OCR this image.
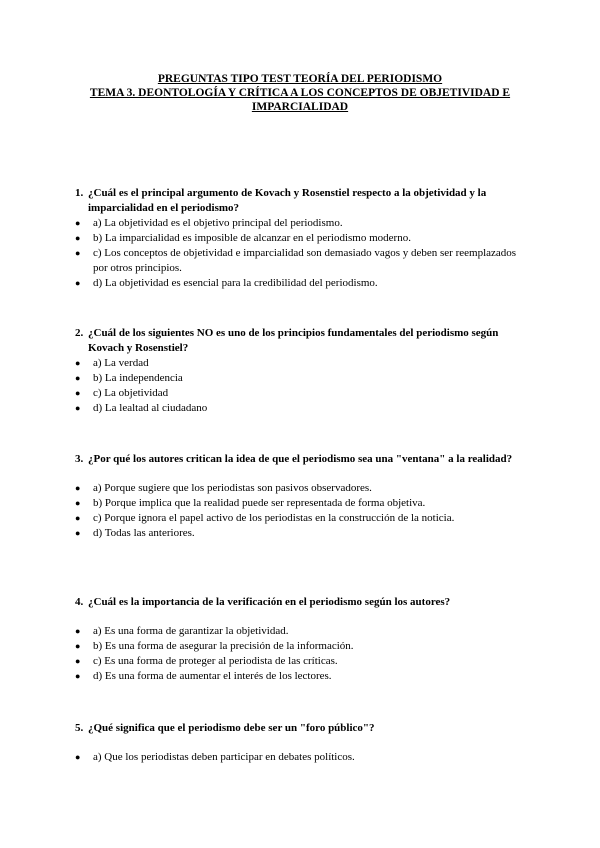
PREGUNTAS TIPO TEST TEORÍA DEL PERIODISMO
TEMA 3. DEONTOLOGÍA Y CRÍTICA A LOS CONCEPTOS DE OBJETIVIDAD E
IMPARCIALIDAD
1. ¿Cuál es el principal argumento de Kovach y Rosenstiel respecto a la objetividad y la imparcialidad en el periodismo?
● a) La objetividad es el objetivo principal del periodismo.
● b) La imparcialidad es imposible de alcanzar en el periodismo moderno.
● c) Los conceptos de objetividad e imparcialidad son demasiado vagos y deben ser reemplazados por otros principios.
● d) La objetividad es esencial para la credibilidad del periodismo.
2. ¿Cuál de los siguientes NO es uno de los principios fundamentales del periodismo según Kovach y Rosenstiel?
● a) La verdad
● b) La independencia
● c) La objetividad
● d) La lealtad al ciudadano
3. ¿Por qué los autores critican la idea de que el periodismo sea una "ventana" a la realidad?
● a) Porque sugiere que los periodistas son pasivos observadores.
● b) Porque implica que la realidad puede ser representada de forma objetiva.
● c) Porque ignora el papel activo de los periodistas en la construcción de la noticia.
● d) Todas las anteriores.
4. ¿Cuál es la importancia de la verificación en el periodismo según los autores?
● a) Es una forma de garantizar la objetividad.
● b) Es una forma de asegurar la precisión de la información.
● c) Es una forma de proteger al periodista de las críticas.
● d) Es una forma de aumentar el interés de los lectores.
5. ¿Qué significa que el periodismo debe ser un "foro público"?
● a) Que los periodistas deben participar en debates políticos.
